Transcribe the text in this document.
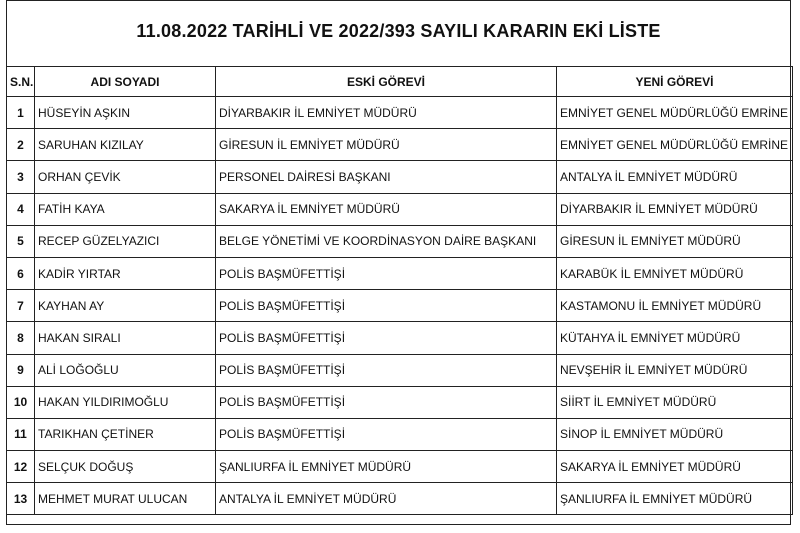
11.08.2022 TARİHLİ VE 2022/393 SAYILI KARARIN EKİ LİSTE
S.N.	ADI SOYADI	ESKİ GÖREVİ	YENİ GÖREVİ
1	HÜSEYİN AŞKIN	DİYARBAKIR İL EMNİYET MÜDÜRÜ	EMNİYET GENEL MÜDÜRLÜĞÜ EMRİNE
2	SARUHAN KIZILAY	GİRESUN İL EMNİYET MÜDÜRÜ	EMNİYET GENEL MÜDÜRLÜĞÜ EMRİNE
3	ORHAN ÇEVİK	PERSONEL DAİRESİ BAŞKANI	ANTALYA İL EMNİYET MÜDÜRÜ
4	FATİH KAYA	SAKARYA İL EMNİYET MÜDÜRÜ	DİYARBAKIR İL EMNİYET MÜDÜRÜ
5	RECEP GÜZELYAZICI	BELGE YÖNETİMİ VE KOORDİNASYON DAİRE BAŞKANI	GİRESUN İL EMNİYET MÜDÜRÜ
6	KADİR YIRTAR	POLİS BAŞMÜFETTİŞİ	KARABÜK İL EMNİYET MÜDÜRÜ
7	KAYHAN AY	POLİS BAŞMÜFETTİŞİ	KASTAMONU İL EMNİYET MÜDÜRÜ
8	HAKAN SIRALI	POLİS BAŞMÜFETTİŞİ	KÜTAHYA İL EMNİYET MÜDÜRÜ
9	ALİ LOĞOĞLU	POLİS BAŞMÜFETTİŞİ	NEVŞEHİR İL EMNİYET MÜDÜRÜ
10	HAKAN YILDIRIMOĞLU	POLİS BAŞMÜFETTİŞİ	SİİRT İL EMNİYET MÜDÜRÜ
11	TARIKHAN ÇETİNER	POLİS BAŞMÜFETTİŞİ	SİNOP İL EMNİYET MÜDÜRÜ
12	SELÇUK DOĞUŞ	ŞANLIURFA İL EMNİYET MÜDÜRÜ	SAKARYA İL EMNİYET MÜDÜRÜ
13	MEHMET MURAT ULUCAN	ANTALYA İL EMNİYET MÜDÜRÜ	ŞANLIURFA İL EMNİYET MÜDÜRÜ
